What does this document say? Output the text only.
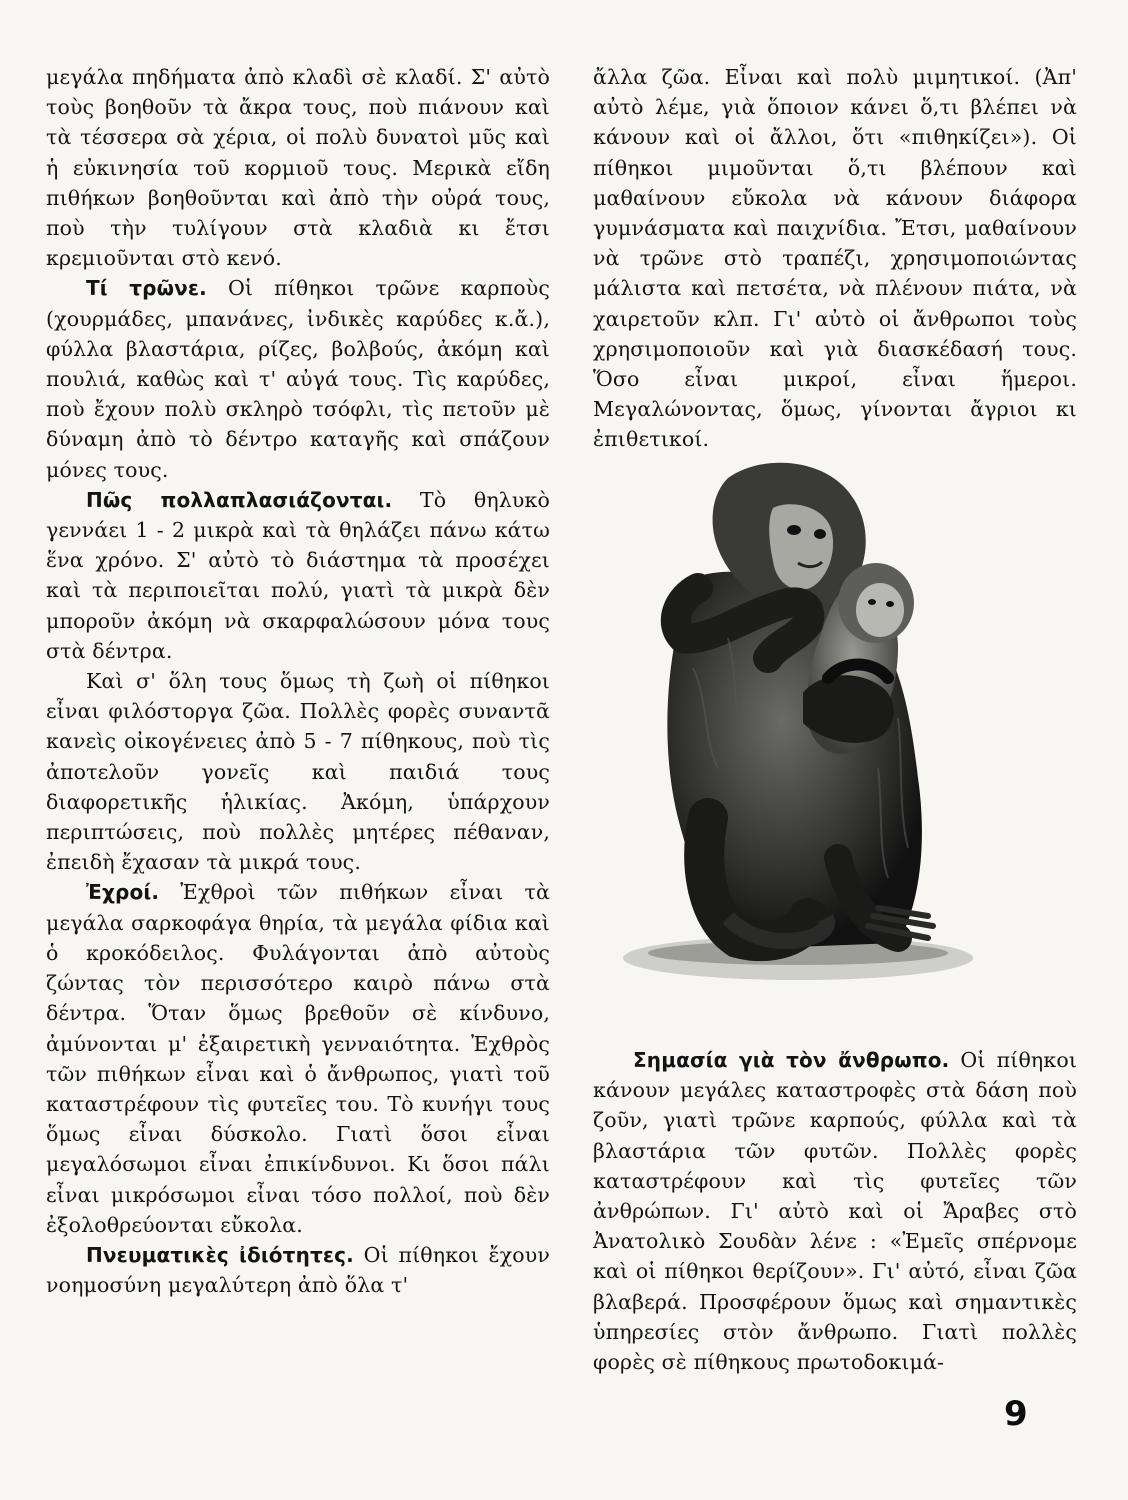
μεγάλα πηδήματα ἀπὸ κλαδὶ σὲ κλαδί. Σ' αὐτὸ τοὺς βοηθοῦν τὰ ἄκρα τους, ποὺ πιάνουν καὶ τὰ τέσσερα σὰ χέρια, οἱ πολὺ δυνατοὶ μῦς καὶ ἡ εὐκινησία τοῦ κορμιοῦ τους. Μερικὰ εἴδη πιθήκων βοηθοῦνται καὶ ἀπὸ τὴν οὐρά τους, ποὺ τὴν τυλίγουν στὰ κλαδιὰ κι ἔτσι κρεμιοῦνται στὸ κενό.

Τί τρῶνε. Οἱ πίθηκοι τρῶνε καρποὺς (χουρμάδες, μπανάνες, ἰνδικὲς καρύδες κ.ἄ.), φύλλα βλαστάρια, ρίζες, βολβούς, ἀκόμη καὶ πουλιά, καθὼς καὶ τ' αὐγά τους. Τὶς καρύδες, ποὺ ἔχουν πολὺ σκληρὸ τσόφλι, τὶς πετοῦν μὲ δύναμη ἀπὸ τὸ δέντρο καταγῆς καὶ σπάζουν μόνες τους.

Πῶς πολλαπλασιάζονται. Τὸ θηλυκὸ γεννάει 1 - 2 μικρὰ καὶ τὰ θηλάζει πάνω κάτω ἕνα χρόνο. Σ' αὐτὸ τὸ διάστημα τὰ προσέχει καὶ τὰ περιποιεῖται πολύ, γιατὶ τὰ μικρὰ δὲν μποροῦν ἀκόμη νὰ σκαρφαλώσουν μόνα τους στὰ δέντρα.

Καὶ σ' ὅλη τους ὅμως τὴ ζωὴ οἱ πίθηκοι εἶναι φιλόστοργα ζῶα. Πολλὲς φορὲς συναντᾶ κανεὶς οἰκογένειες ἀπὸ 5 - 7 πίθηκους, ποὺ τὶς ἀποτελοῦν γονεῖς καὶ παιδιά τους διαφορετικῆς ἡλικίας. Ἀκόμη, ὑπάρχουν περιπτώσεις, ποὺ πολλὲς μητέρες πέθαναν, ἐπειδὴ ἔχασαν τὰ μικρά τους.

Ἐχροί. Ἐχθροὶ τῶν πιθήκων εἶναι τὰ μεγάλα σαρκοφάγα θηρία, τὰ μεγάλα φίδια καὶ ὁ κροκόδειλος. Φυλάγονται ἀπὸ αὐτοὺς ζώντας τὸν περισσότερο καιρὸ πάνω στὰ δέντρα. Ὅταν ὅμως βρεθοῦν σὲ κίνδυνο, ἀμύνονται μ' ἐξαιρετικὴ γενναιότητα. Ἐχθρὸς τῶν πιθήκων εἶναι καὶ ὁ ἄνθρωπος, γιατὶ τοῦ καταστρέφουν τὶς φυτεῖες του. Τὸ κυνήγι τους ὅμως εἶναι δύσκολο. Γιατὶ ὅσοι εἶναι μεγαλόσωμοι εἶναι ἐπικίνδυνοι. Κι ὅσοι πάλι εἶναι μικρόσωμοι εἶναι τόσο πολλοί, ποὺ δὲν ἐξολοθρεύονται εὔκολα.

Πνευματικὲς ἰδιότητες. Οἱ πίθηκοι ἔχουν νοημοσύνη μεγαλύτερη ἀπὸ ὅλα τ'

ἄλλα ζῶα. Εἶναι καὶ πολὺ μιμητικοί. (Ἀπ' αὐτὸ λέμε, γιὰ ὅποιον κάνει ὅ,τι βλέπει νὰ κάνουν καὶ οἱ ἄλλοι, ὅτι «πιθηκίζει»). Οἱ πίθηκοι μιμοῦνται ὅ,τι βλέπουν καὶ μαθαίνουν εὔκολα νὰ κάνουν διάφορα γυμνάσματα καὶ παιχνίδια. Ἔτσι, μαθαίνουν νὰ τρῶνε στὸ τραπέζι, χρησιμοποιώντας μάλιστα καὶ πετσέτα, νὰ πλένουν πιάτα, νὰ χαιρετοῦν κλπ. Γι' αὐτὸ οἱ ἄνθρωποι τοὺς χρησιμοποιοῦν καὶ γιὰ διασκέδασή τους. Ὅσο εἶναι μικροί, εἶναι ἥμεροι. Μεγαλώνοντας, ὅμως, γίνονται ἄγριοι κι ἐπιθετικοί.

Σημασία γιὰ τὸν ἄνθρωπο. Οἱ πίθηκοι κάνουν μεγάλες καταστροφὲς στὰ δάση ποὺ ζοῦν, γιατὶ τρῶνε καρπούς, φύλλα καὶ τὰ βλαστάρια τῶν φυτῶν. Πολλὲς φορὲς καταστρέφουν καὶ τὶς φυτεῖες τῶν ἀνθρώπων. Γι' αὐτὸ καὶ οἱ Ἄραβες στὸ Ἀνατολικὸ Σουδὰν λένε : «Ἐμεῖς σπέρνομε καὶ οἱ πίθηκοι θερίζουν». Γι' αὐτό, εἶναι ζῶα βλαβερά. Προσφέρουν ὅμως καὶ σημαντικὲς ὑπηρεσίες στὸν ἄνθρωπο. Γιατὶ πολλὲς φορὲς σὲ πίθηκους πρωτοδοκιμά-

9
